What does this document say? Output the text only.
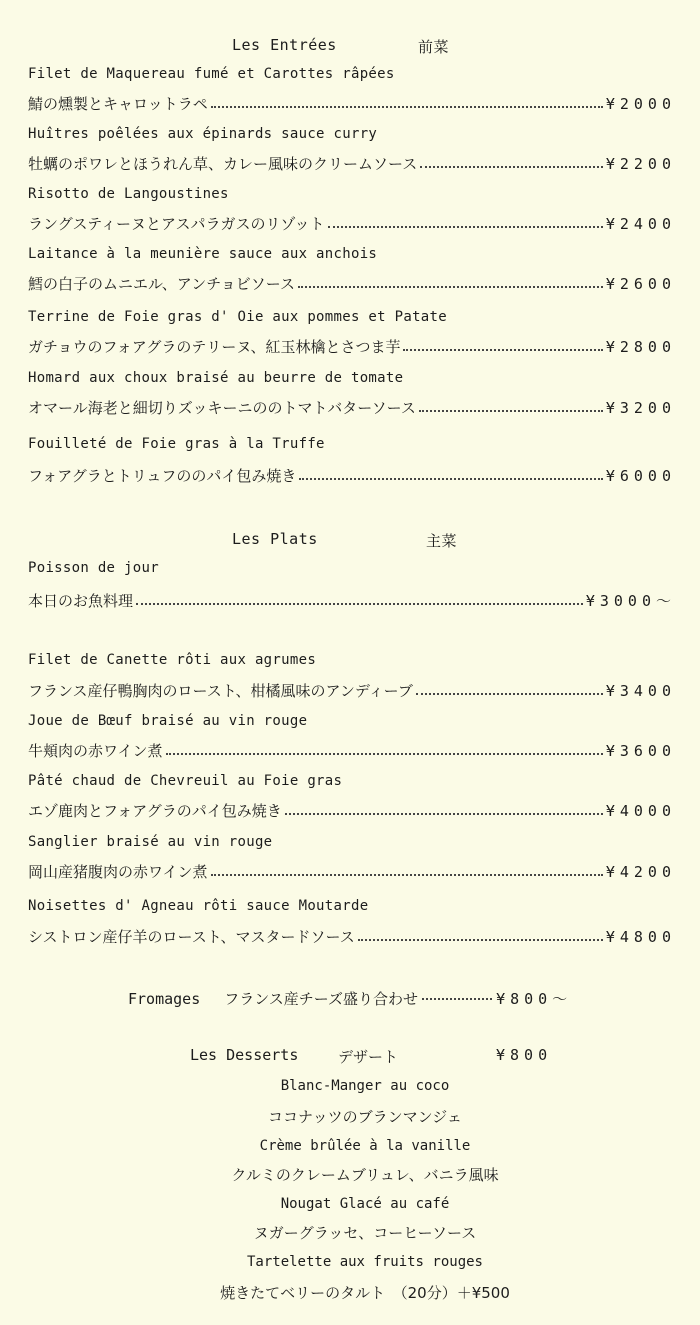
Les Entrées	前菜
Filet de Maquereau fumé et Carottes râpées
鯖の燻製とキャロットラペ	¥2000
Huîtres poêlées aux épinards sauce curry
牡蠣のポワレとほうれん草、カレー風味のクリームソース	¥2200
Risotto de Langoustines
ラングスティーヌとアスパラガスのリゾット	¥2400
Laitance à la meunière sauce aux anchois
鱈の白子のムニエル、アンチョビソース	¥2600
Terrine de Foie gras d' Oie aux pommes et Patate
ガチョウのフォアグラのテリーヌ、紅玉林檎とさつま芋	¥2800
Homard aux choux braisé au beurre de tomate
オマール海老と細切りズッキーニののトマトバターソース	¥3200
Fouilleté de Foie gras à la Truffe
フォアグラとトリュフののパイ包み焼き	¥6000
Les Plats	主菜
Poisson de jour
本日のお魚料理	¥3000～
Filet de Canette rôti aux agrumes
フランス産仔鴨胸肉のロースト、柑橘風味のアンディーブ	¥3400
Joue de Bœuf braisé au vin rouge
牛頬肉の赤ワイン煮	¥3600
Pâté chaud de Chevreuil au Foie gras
エゾ鹿肉とフォアグラのパイ包み焼き	¥4000
Sanglier braisé au vin rouge
岡山産猪腹肉の赤ワイン煮	¥4200
Noisettes d' Agneau rôti sauce Moutarde
シストロン産仔羊のロースト、マスタードソース	¥4800
Fromages フランス産チーズ盛り合わせ	¥800～
Les Desserts	デザート	¥800
Blanc-Manger au coco
ココナッツのブランマンジェ
Crème brûlée à la vanille
クルミのクレームブリュレ、バニラ風味
Nougat Glacé au café
ヌガーグラッセ、コーヒーソース
Tartelette aux fruits rouges
焼きたてベリーのタルト　（20分）＋¥500
